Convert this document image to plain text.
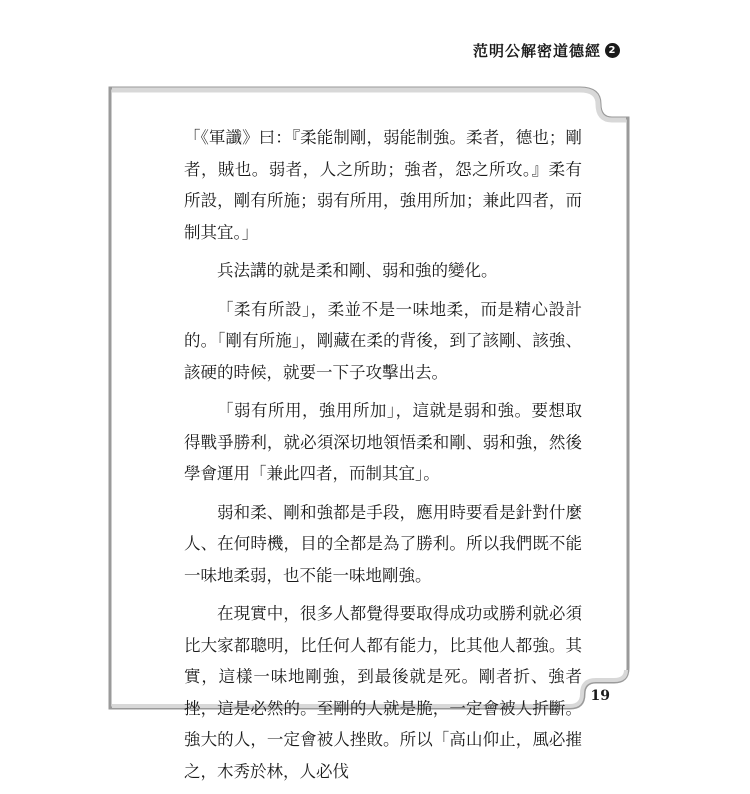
范明公解密道德經 2

「《軍讖》曰：『柔能制剛，弱能制強。柔者，德也；剛者，賊也。弱者，人之所助；強者，怨之所攻。』柔有所設，剛有所施；弱有所用，強用所加；兼此四者，而制其宜。」

兵法講的就是柔和剛、弱和強的變化。

「柔有所設」，柔並不是一味地柔，而是精心設計的。「剛有所施」，剛藏在柔的背後，到了該剛、該強、該硬的時候，就要一下子攻擊出去。

「弱有所用，強用所加」，這就是弱和強。要想取得戰爭勝利，就必須深切地領悟柔和剛、弱和強，然後學會運用「兼此四者，而制其宜」。

弱和柔、剛和強都是手段，應用時要看是針對什麼人、在何時機，目的全都是為了勝利。所以我們既不能一味地柔弱，也不能一味地剛強。

在現實中，很多人都覺得要取得成功或勝利就必須比大家都聰明，比任何人都有能力，比其他人都強。其實，這樣一味地剛強，到最後就是死。剛者折、強者挫，這是必然的。至剛的人就是脆，一定會被人折斷。強大的人，一定會被人挫敗。所以「高山仰止，風必摧之，木秀於林，人必伐

19
